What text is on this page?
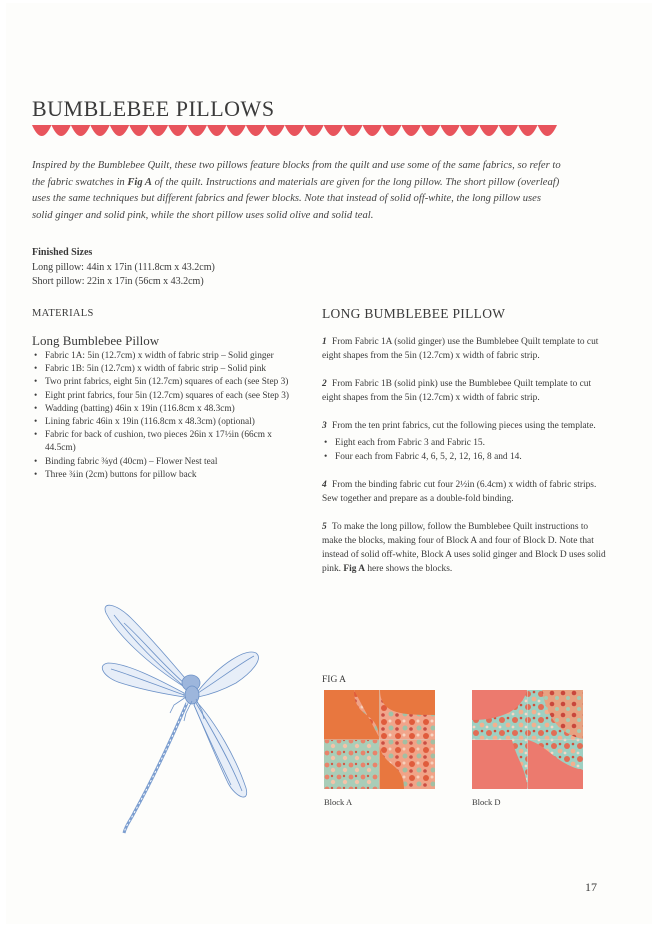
BUMBLEBEE PILLOWS
Inspired by the Bumblebee Quilt, these two pillows feature blocks from the quilt and use some of the same fabrics, so refer to the fabric swatches in Fig A of the quilt. Instructions and materials are given for the long pillow. The short pillow (overleaf) uses the same techniques but different fabrics and fewer blocks. Note that instead of solid off-white, the long pillow uses solid ginger and solid pink, while the short pillow uses solid olive and solid teal.
Finished Sizes
Long pillow: 44in x 17in (111.8cm x 43.2cm)
Short pillow: 22in x 17in (56cm x 43.2cm)
MATERIALS	LONG BUMBLEBEE PILLOW
Long Bumblebee Pillow
• Fabric 1A: 5in (12.7cm) x width of fabric strip – Solid ginger
• Fabric 1B: 5in (12.7cm) x width of fabric strip – Solid pink
• Two print fabrics, eight 5in (12.7cm) squares of each (see Step 3)
• Eight print fabrics, four 5in (12.7cm) squares of each (see Step 3)
• Wadding (batting) 46in x 19in (116.8cm x 48.3cm)
• Lining fabric 46in x 19in (116.8cm x 48.3cm) (optional)
• Fabric for back of cushion, two pieces 26in x 17½in (66cm x 44.5cm)
• Binding fabric ⅜yd (40cm) – Flower Nest teal
• Three ¾in (2cm) buttons for pillow back

1 From Fabric 1A (solid ginger) use the Bumblebee Quilt template to cut eight shapes from the 5in (12.7cm) x width of fabric strip.

2 From Fabric 1B (solid pink) use the Bumblebee Quilt template to cut eight shapes from the 5in (12.7cm) x width of fabric strip.

3 From the ten print fabrics, cut the following pieces using the template.
• Eight each from Fabric 3 and Fabric 15.
• Four each from Fabric 4, 6, 5, 2, 12, 16, 8 and 14.

4 From the binding fabric cut four 2½in (6.4cm) x width of fabric strips. Sew together and prepare as a double-fold binding.

5 To make the long pillow, follow the Bumblebee Quilt instructions to make the blocks, making four of Block A and four of Block D. Note that instead of solid off-white, Block A uses solid ginger and Block D uses solid pink. Fig A here shows the blocks.

FIG A
Block A	Block D
17
